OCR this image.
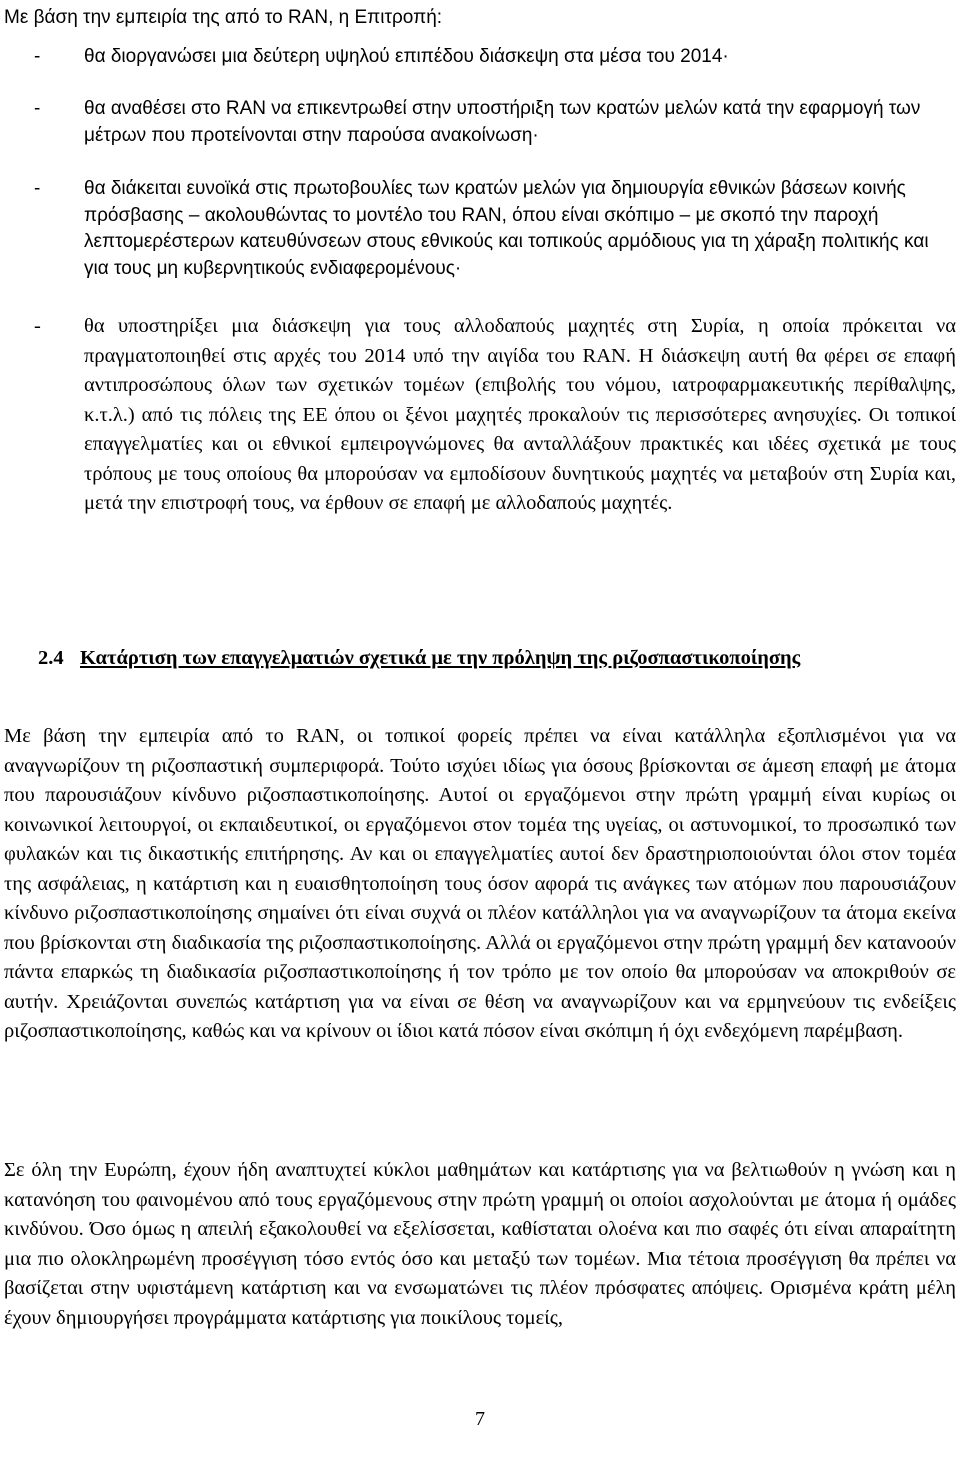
Με βάση την εμπειρία της από το RAN, η Επιτροπή:

- θα διοργανώσει μια δεύτερη υψηλού επιπέδου διάσκεψη στα μέσα του 2014·

- θα αναθέσει στο RAN να επικεντρωθεί στην υποστήριξη των κρατών μελών κατά την εφαρμογή των μέτρων που προτείνονται στην παρούσα ανακοίνωση·

- θα διάκειται ευνοϊκά στις πρωτοβουλίες των κρατών μελών για δημιουργία εθνικών βάσεων κοινής πρόσβασης – ακολουθώντας το μοντέλο του RAN, όπου είναι σκόπιμο – με σκοπό την παροχή λεπτομερέστερων κατευθύνσεων στους εθνικούς και τοπικούς αρμόδιους για τη χάραξη πολιτικής και για τους μη κυβερνητικούς ενδιαφερομένους·

- θα υποστηρίξει μια διάσκεψη για τους αλλοδαπούς μαχητές στη Συρία, η οποία πρόκειται να πραγματοποιηθεί στις αρχές του 2014 υπό την αιγίδα του RAN. Η διάσκεψη αυτή θα φέρει σε επαφή αντιπροσώπους όλων των σχετικών τομέων (επιβολής του νόμου, ιατροφαρμακευτικής περίθαλψης, κ.τ.λ.) από τις πόλεις της ΕΕ όπου οι ξένοι μαχητές προκαλούν τις περισσότερες ανησυχίες. Οι τοπικοί επαγγελματίες και οι εθνικοί εμπειρογνώμονες θα ανταλλάξουν πρακτικές και ιδέες σχετικά με τους τρόπους με τους οποίους θα μπορούσαν να εμποδίσουν δυνητικούς μαχητές να μεταβούν στη Συρία και, μετά την επιστροφή τους, να έρθουν σε επαφή με αλλοδαπούς μαχητές.

2.4 Κατάρτιση των επαγγελματιών σχετικά με την πρόληψη της ριζοσπαστικοποίησης

Με βάση την εμπειρία από το RAN, οι τοπικοί φορείς πρέπει να είναι κατάλληλα εξοπλισμένοι για να αναγνωρίζουν τη ριζοσπαστική συμπεριφορά. Τούτο ισχύει ιδίως για όσους βρίσκονται σε άμεση επαφή με άτομα που παρουσιάζουν κίνδυνο ριζοσπαστικοποίησης. Αυτοί οι εργαζόμενοι στην πρώτη γραμμή είναι κυρίως οι κοινωνικοί λειτουργοί, οι εκπαιδευτικοί, οι εργαζόμενοι στον τομέα της υγείας, οι αστυνομικοί, το προσωπικό των φυλακών και τις δικαστικής επιτήρησης. Αν και οι επαγγελματίες αυτοί δεν δραστηριοποιούνται όλοι στον τομέα της ασφάλειας, η κατάρτιση και η ευαισθητοποίηση τους όσον αφορά τις ανάγκες των ατόμων που παρουσιάζουν κίνδυνο ριζοσπαστικοποίησης σημαίνει ότι είναι συχνά οι πλέον κατάλληλοι για να αναγνωρίζουν τα άτομα εκείνα που βρίσκονται στη διαδικασία της ριζοσπαστικοποίησης. Αλλά οι εργαζόμενοι στην πρώτη γραμμή δεν κατανοούν πάντα επαρκώς τη διαδικασία ριζοσπαστικοποίησης ή τον τρόπο με τον οποίο θα μπορούσαν να αποκριθούν σε αυτήν. Χρειάζονται συνεπώς κατάρτιση για να είναι σε θέση να αναγνωρίζουν και να ερμηνεύουν τις ενδείξεις ριζοσπαστικοποίησης, καθώς και να κρίνουν οι ίδιοι κατά πόσον είναι σκόπιμη ή όχι ενδεχόμενη παρέμβαση.

Σε όλη την Ευρώπη, έχουν ήδη αναπτυχτεί κύκλοι μαθημάτων και κατάρτισης για να βελτιωθούν η γνώση και η κατανόηση του φαινομένου από τους εργαζόμενους στην πρώτη γραμμή οι οποίοι ασχολούνται με άτομα ή ομάδες κινδύνου. Όσο όμως η απειλή εξακολουθεί να εξελίσσεται, καθίσταται ολοένα και πιο σαφές ότι είναι απαραίτητη μια πιο ολοκληρωμένη προσέγγιση τόσο εντός όσο και μεταξύ των τομέων. Μια τέτοια προσέγγιση θα πρέπει να βασίζεται στην υφιστάμενη κατάρτιση και να ενσωματώνει τις πλέον πρόσφατες απόψεις. Ορισμένα κράτη μέλη έχουν δημιουργήσει προγράμματα κατάρτισης για ποικίλους τομείς,

7
